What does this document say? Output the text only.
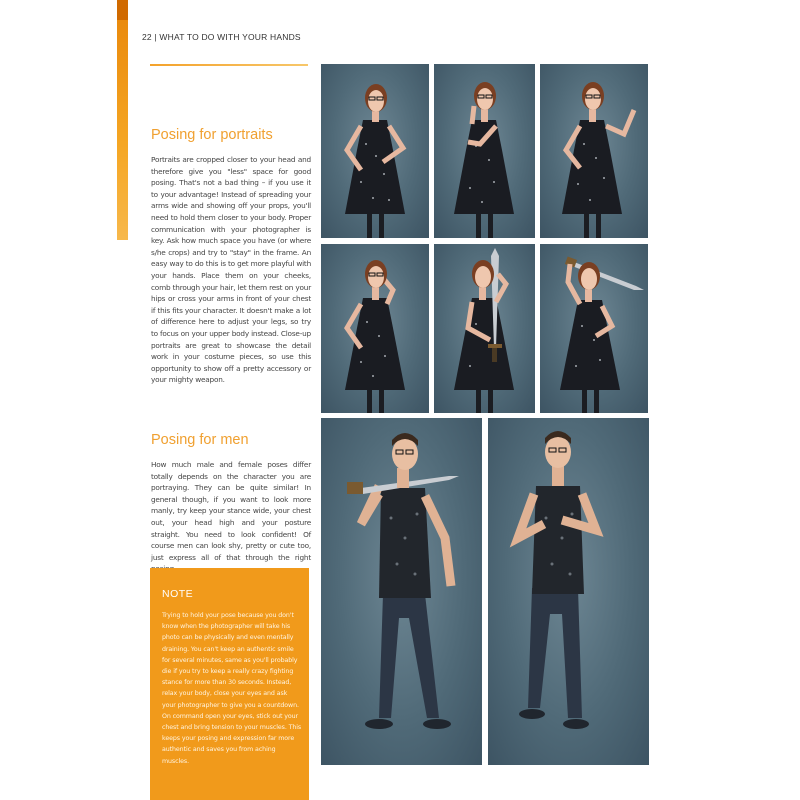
22 | WHAT TO DO WITH YOUR HANDS
Posing for portraits
Portraits are cropped closer to your head and therefore give you "less" space for good posing. That's not a bad thing – if you use it to your advantage! Instead of spreading your arms wide and showing off your props, you'll need to hold them closer to your body. Proper communication with your photographer is key. Ask how much space you have (or where s/he crops) and try to "stay" in the frame. An easy way to do this is to get more playful with your hands. Place them on your cheeks, comb through your hair, let them rest on your hips or cross your arms in front of your chest if this fits your character. It doesn't make a lot of difference here to adjust your legs, so try to focus on your upper body instead. Close-up portraits are great to showcase the detail work in your costume pieces, so use this opportunity to show off a pretty accessory or your mighty weapon.
Posing for men
How much male and female poses differ totally depends on the character you are portraying. They can be quite similar! In general though, if you want to look more manly, try keep your stance wide, your chest out, your head high and your posture straight. You need to look confident! Of course men can look shy, pretty or cute too, just express all of that through the right
NOTE
Trying to hold your pose because you don't know when the photographer will take his photo can be physically and even mentally draining. You can't keep an authentic smile for several minutes, same as you'll probably die if you try to keep a really crazy fighting stance for more than 30 seconds. Instead, relax your body, close your eyes and ask your photographer to give you a countdown. On command open your eyes, stick out your chest and bring tension to your muscles. This keeps your posing and expression far more authentic and saves you from aching muscles.
